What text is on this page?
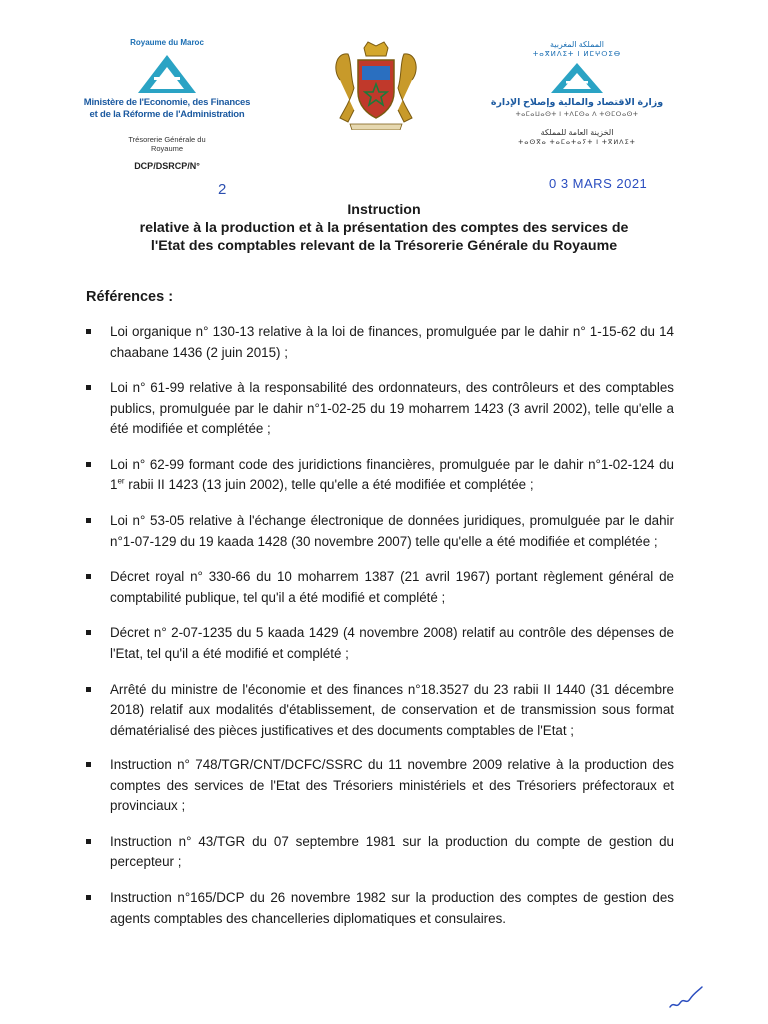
Royaume du Maroc
Ministère de l'Economie, des Finances
et de la Réforme de l'Administration
Trésorerie Générale du
Royaume
DCP/DSRCP/N°
2
المملكة المغربية
ⵜⴰⴳⵍⴷⵉⵜ ⵏ ⵍⵎⵖⵔⵉⴱ
وزارة الاقتصاد والمالية وإصلاح الإدارة
ⵜⴰⵎⴰⵡⴰⵙⵜ ⵏ ⵜⴷⵎⵙⴰ ⴷ ⵜⵙⵎⵔⴰⵙⵜ
الخزينة العامة للمملكة
ⵜⴰⵙⴳⴰ ⵜⴰⵎⴰⵜⴰⵢⵜ ⵏ ⵜⴳⵍⴷⵉⵜ
0 3 MARS 2021
Instruction
relative à la production et à la présentation des comptes des services de
l'Etat des comptables relevant de la Trésorerie Générale du Royaume
Références :
Loi organique n° 130-13 relative à la loi de finances, promulguée par le dahir n° 1-15-62 du 14 chaabane 1436 (2 juin 2015) ;
Loi n° 61-99 relative à la responsabilité des ordonnateurs, des contrôleurs et des comptables publics, promulguée par le dahir n°1-02-25 du 19 moharrem 1423 (3 avril 2002), telle qu'elle a été modifiée et complétée ;
Loi n° 62-99 formant code des juridictions financières, promulguée par le dahir n°1-02-124 du 1er rabii II 1423 (13 juin 2002), telle qu'elle a été modifiée et complétée ;
Loi n° 53-05 relative à l'échange électronique de données juridiques, promulguée par le dahir n°1-07-129 du 19 kaada 1428 (30 novembre 2007) telle qu'elle a été modifiée et complétée ;
Décret royal n° 330-66 du 10 moharrem 1387 (21 avril 1967) portant règlement général de comptabilité publique, tel qu'il a été modifié et complété ;
Décret n° 2-07-1235 du 5 kaada 1429 (4 novembre 2008) relatif au contrôle des dépenses de l'Etat, tel qu'il a été modifié et complété ;
Arrêté du ministre de l'économie et des finances n°18.3527 du 23 rabii II 1440 (31 décembre 2018) relatif aux modalités d'établissement, de conservation et de transmission sous format dématérialisé des pièces justificatives et des documents comptables de l'Etat ;
Instruction n° 748/TGR/CNT/DCFC/SSRC du 11 novembre 2009 relative à la production des comptes des services de l'Etat des Trésoriers ministériels et des Trésoriers préfectoraux et provinciaux ;
Instruction n° 43/TGR du 07 septembre 1981 sur la production du compte de gestion du percepteur ;
Instruction n°165/DCP du 26 novembre 1982 sur la production des comptes de gestion des agents comptables des chancelleries diplomatiques et consulaires.
